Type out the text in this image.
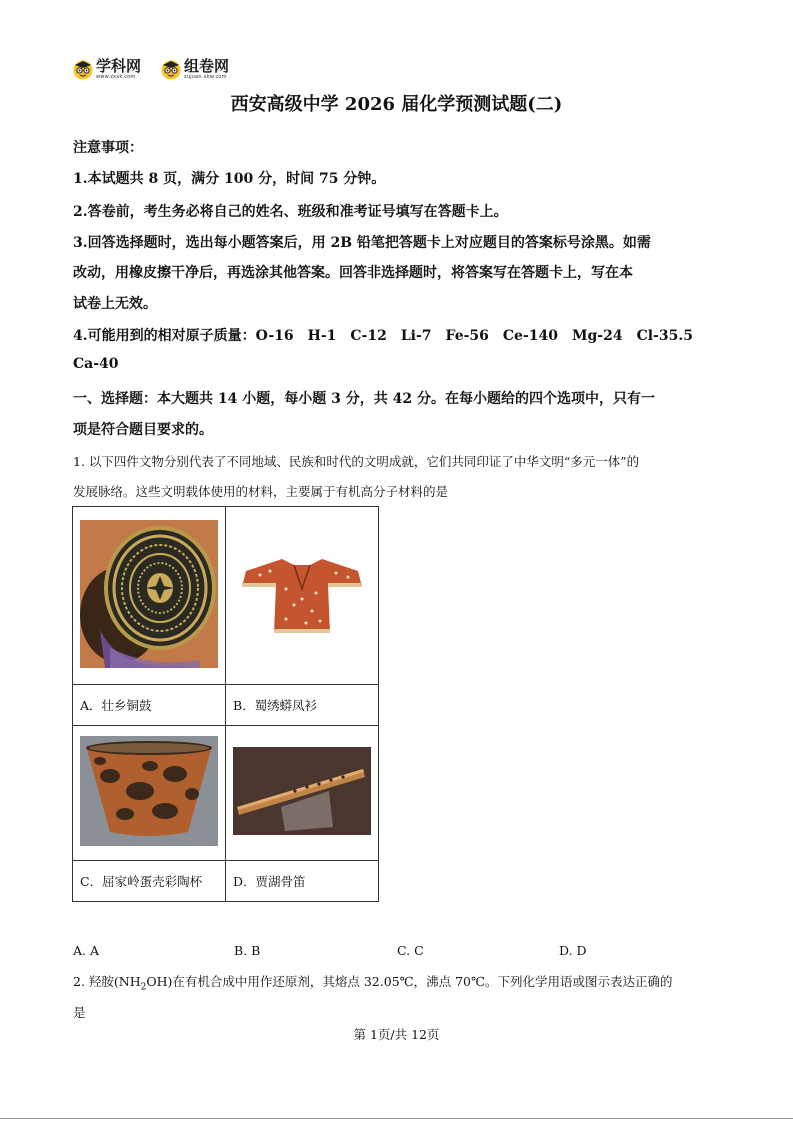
学科网
www.zxxk.com
组卷网
zujuan.xkw.com
西安高级中学 2026 届化学预测试题(二)
注意事项：
1.本试题共 8 页，满分 100 分，时间 75 分钟。
2.答卷前，考生务必将自己的姓名、班级和准考证号填写在答题卡上。
3.回答选择题时，选出每小题答案后，用 2B 铅笔把答题卡上对应题目的答案标号涂黑。如需
改动，用橡皮擦干净后，再选涂其他答案。回答非选择题时，将答案写在答题卡上，写在本
试卷上无效。
4.可能用到的相对原子质量：O-16　H-1　C-12　Li-7　Fe-56　Ce-140　Mg-24　Cl-35.5
Ca-40
一、选择题：本大题共 14 小题，每小题 3 分，共 42 分。在每小题给的四个选项中，只有一
项是符合题目要求的。
1. 以下四件文物分别代表了不同地域、民族和时代的文明成就，它们共同印证了中华文明“多元一体”的
发展脉络。这些文明载体使用的材料，主要属于有机高分子材料的是

A．壮乡铜鼓	B．蜀绣蟒凤衫

C．屈家岭蛋壳彩陶杯	D．贾湖骨笛
A. A	B. B	C. C	D. D
2. 羟胺$(NH_2OH)$在有机合成中用作还原剂，其熔点 32.05℃，沸点 70℃。下列化学用语或图示表达正确的
是
第 1页/共 12页
